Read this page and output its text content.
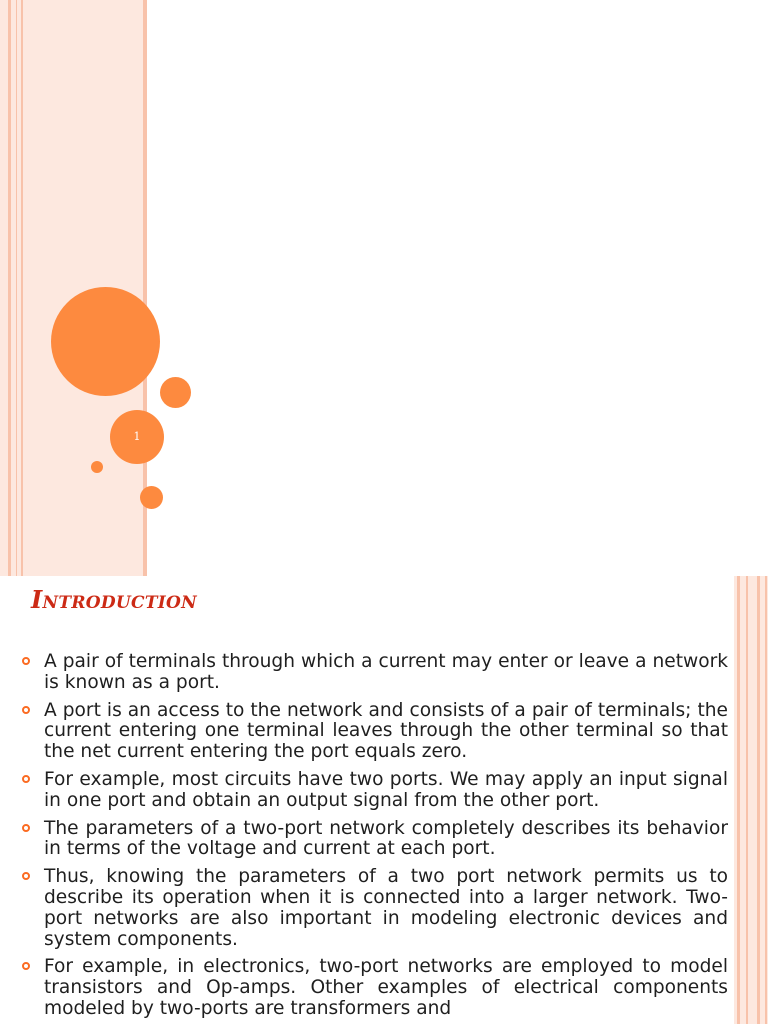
1
Introduction
A pair of terminals through which a current may enter or leave a network is known as a port.
A port is an access to the network and consists of a pair of terminals; the current entering one terminal leaves through the other terminal so that the net current entering the port equals zero.
For example, most circuits have two ports. We may apply an input signal in one port and obtain an output signal from the other port.
The parameters of a two-port network completely describes its behavior in terms of the voltage and current at each port.
Thus, knowing the parameters of a two port network permits us to describe its operation when it is connected into a larger network. Two-port networks are also important in modeling electronic devices and system components.
For example, in electronics, two-port networks are employed to model transistors and Op-amps. Other examples of electrical components modeled by two-ports are transformers and
